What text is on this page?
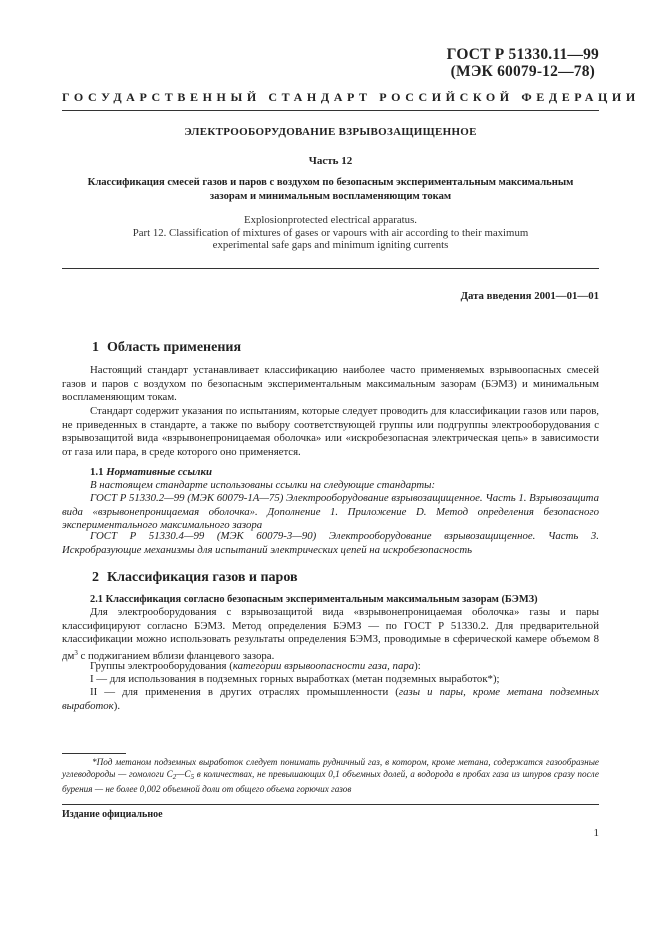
ГОСТ Р 51330.11—99
(МЭК 60079-12—78)
ГОСУДАРСТВЕННЫЙ СТАНДАРТ РОССИЙСКОЙ ФЕДЕРАЦИИ
ЭЛЕКТРООБОРУДОВАНИЕ ВЗРЫВОЗАЩИЩЕННОЕ
Часть 12
Классификация смесей газов и паров с воздухом по безопасным экспериментальным максимальным
зазорам и минимальным воспламеняющим токам
Explosionprotected electrical apparatus.
Part 12. Classification of mixtures of gases or vapours with air according to their maximum
experimental safe gaps and minimum igniting currents
Дата введения 2001—01—01
1 Область применения
Настоящий стандарт устанавливает классификацию наиболее часто применяемых взрывоопасных смесей газов и паров с воздухом по безопасным экспериментальным максимальным зазорам (БЭМЗ) и минимальным воспламеняющим токам.
Стандарт содержит указания по испытаниям, которые следует проводить для классификации газов или паров, не приведенных в стандарте, а также по выбору соответствующей группы или подгруппы электрооборудования с взрывозащитой вида «взрывонепроницаемая оболочка» или «искробезопасная электрическая цепь» в зависимости от газа или пара, в среде которого оно применяется.
1.1 Нормативные ссылки
В настоящем стандарте использованы ссылки на следующие стандарты:
ГОСТ Р 51330.2—99 (МЭК 60079-1А—75) Электрооборудование взрывозащищенное. Часть 1. Взрывозащита вида «взрывонепроницаемая оболочка». Дополнение 1. Приложение D. Метод определения безопасного экспериментального максимального зазора
ГОСТ Р 51330.4—99 (МЭК 60079-3—90) Электрооборудование взрывозащищенное. Часть 3. Искробразующие механизмы для испытаний электрических цепей на искробезопасность
2 Классификация газов и паров
2.1 Классификация согласно безопасным экспериментальным максимальным зазорам (БЭМЗ)
Для электрооборудования с взрывозащитой вида «взрывонепроницаемая оболочка» газы и пары классифицируют согласно БЭМЗ. Метод определения БЭМЗ — по ГОСТ Р 51330.2. Для предварительной классификации можно использовать результаты определения БЭМЗ, проводимые в сферической камере объемом 8 $дм^3$ с поджиганием вблизи фланцевого зазора.
Группы электрооборудования (категории взрывоопасности газа, пара):
I — для использования в подземных горных выработках (метан подземных выработок*);
II — для применения в других отраслях промышленности (газы и пары, кроме метана подземных выработок).
*Под метаном подземных выработок следует понимать рудничный газ, в котором, кроме метана, содержатся газообразные углеводороды — гомологи $C_2—C_5$ в количествах, не превышающих 0,1 объемных долей, а водорода в пробах газа из шпуров сразу после бурения — не более 0,002 объемной доли от общего объема горючих газов
Издание официальное
1
